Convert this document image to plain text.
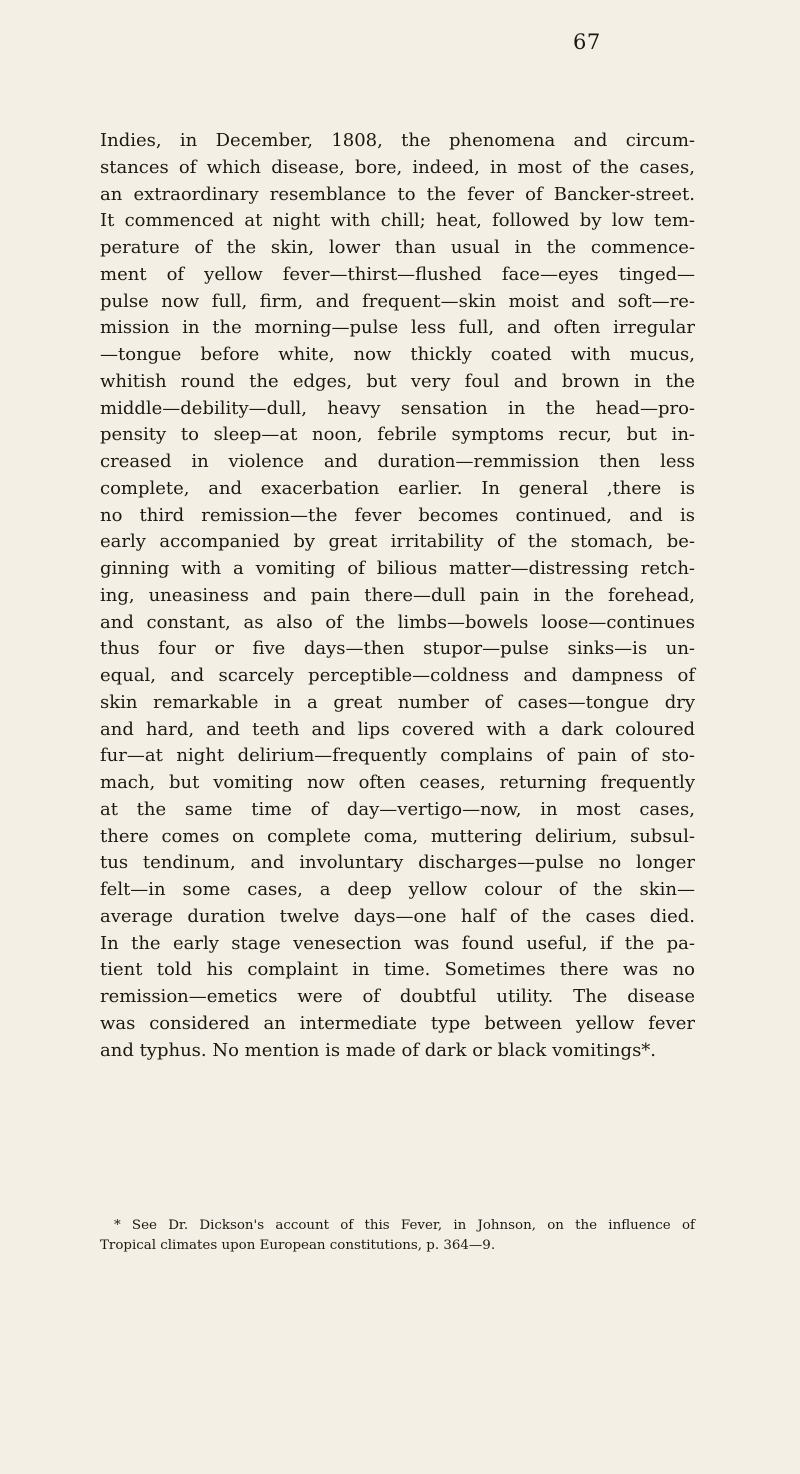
67
Indies, in December, 1808, the phenomena and circum-
stances of which disease, bore, indeed, in most of the cases,
an extraordinary resemblance to the fever of Bancker-street.
It commenced at night with chill; heat, followed by low tem-
perature of the skin, lower than usual in the commence-
ment of yellow fever—thirst—flushed face—eyes tinged—
pulse now full, firm, and frequent—skin moist and soft—re-
mission in the morning—pulse less full, and often irregular
—tongue before white, now thickly coated with mucus,
whitish round the edges, but very foul and brown in the
middle—debility—dull, heavy sensation in the head—pro-
pensity to sleep—at noon, febrile symptoms recur, but in-
creased in violence and duration—remmission then less
complete, and exacerbation earlier. In general ,there is
no third remission—the fever becomes continued, and is
early accompanied by great irritability of the stomach, be-
ginning with a vomiting of bilious matter—distressing retch-
ing, uneasiness and pain there—dull pain in the forehead,
and constant, as also of the limbs—bowels loose—continues
thus four or five days—then stupor—pulse sinks—is un-
equal, and scarcely perceptible—coldness and dampness of
skin remarkable in a great number of cases—tongue dry
and hard, and teeth and lips covered with a dark coloured
fur—at night delirium—frequently complains of pain of sto-
mach, but vomiting now often ceases, returning frequently
at the same time of day—vertigo—now, in most cases,
there comes on complete coma, muttering delirium, subsul-
tus tendinum, and involuntary discharges—pulse no longer
felt—in some cases, a deep yellow colour of the skin—
average duration twelve days—one half of the cases died.
In the early stage venesection was found useful, if the pa-
tient told his complaint in time. Sometimes there was no
remission—emetics were of doubtful utility. The disease
was considered an intermediate type between yellow fever
and typhus. No mention is made of dark or black vomitings*.
* See Dr. Dickson's account of this Fever, in Johnson, on the influence of
Tropical climates upon European constitutions, p. 364—9.
